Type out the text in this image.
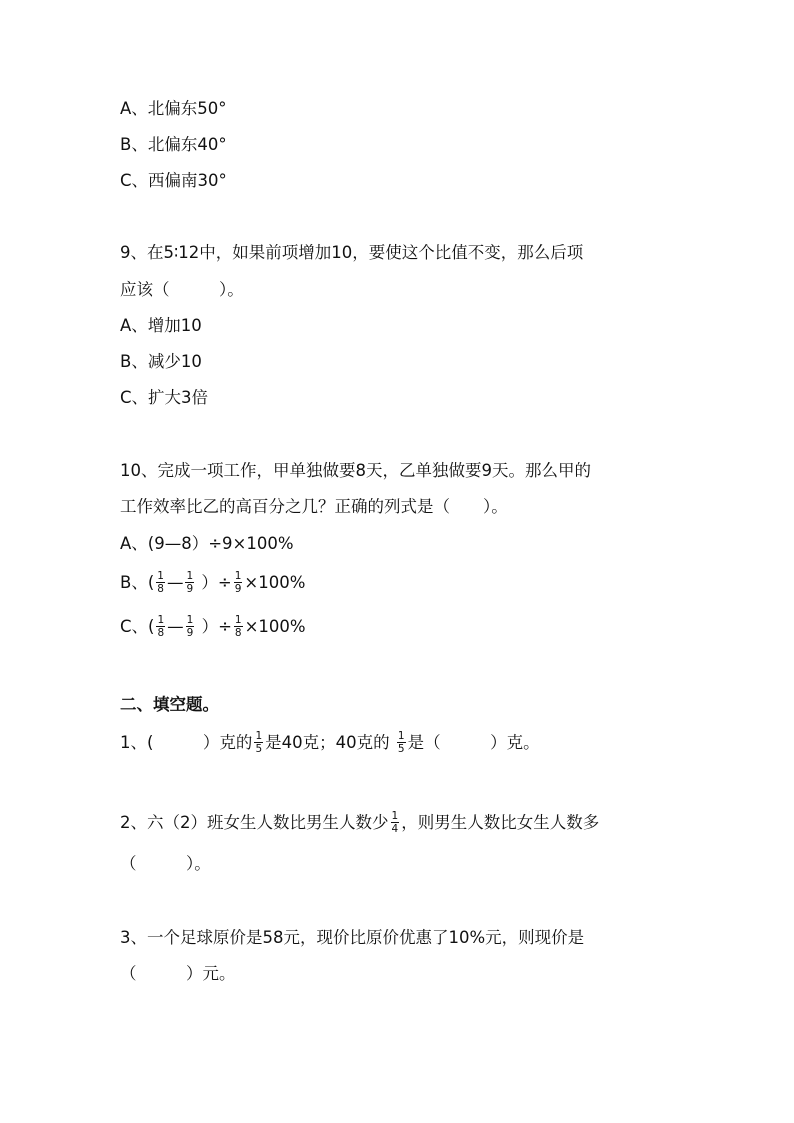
A、北偏东50°
B、北偏东40°
C、西偏南30°
9、在5∶12中，如果前项增加10，要使这个比值不变，那么后项
应该（　　　）。
A、增加10
B、减少10
C、扩大3倍
10、完成一项工作，甲单独做要8天，乙单独做要9天。那么甲的
工作效率比乙的高百分之几？正确的列式是（　　）。
A、(9—8）÷9×100%
B、( $\frac{1}{8}$ — $\frac{1}{9}$ ）÷ $\frac{1}{9} \times 100\%$
C、( $\frac{1}{8}$ — $\frac{1}{9}$ ）÷ $\frac{1}{8} \times 100\%$
二、填空题。
1、(　　　）克的 $\frac{1}{5}$ 是40克；40克的 $\frac{1}{5}$ 是（　　　）克。
2、六（2）班女生人数比男生人数少 $\frac{1}{4}$ ，则男生人数比女生人数多
（　　　）。
3、一个足球原价是58元，现价比原价优惠了10%元，则现价是
（　　　）元。
